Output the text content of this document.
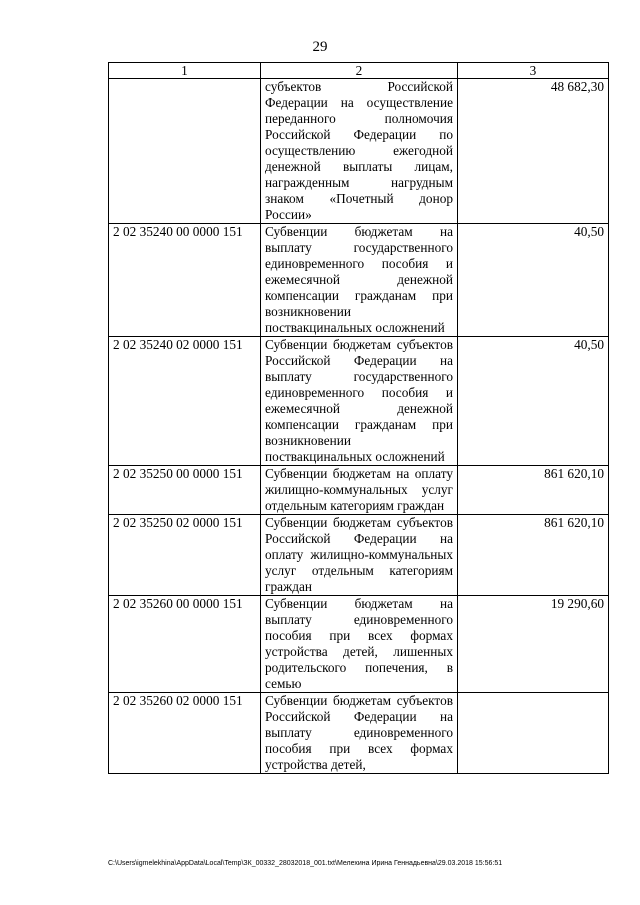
29
1	2	3
	субъектов Российской Федерации на осуществление переданного полномочия Российской Федерации по осуществлению ежегодной денежной выплаты лицам, награжденным нагрудным знаком «Почетный донор России»	48 682,30
2 02 35240 00 0000 151	Субвенции бюджетам на выплату государственного единовременного пособия и ежемесячной денежной компенсации гражданам при возникновении поствакцинальных осложнений	40,50
2 02 35240 02 0000 151	Субвенции бюджетам субъектов Российской Федерации на выплату государственного единовременного пособия и ежемесячной денежной компенсации гражданам при возникновении поствакцинальных осложнений	40,50
2 02 35250 00 0000 151	Субвенции бюджетам на оплату жилищно-коммунальных услуг отдельным категориям граждан	861 620,10
2 02 35250 02 0000 151	Субвенции бюджетам субъектов Российской Федерации на оплату жилищно-коммунальных услуг отдельным категориям граждан	861 620,10
2 02 35260 00 0000 151	Субвенции бюджетам на выплату единовременного пособия при всех формах устройства детей, лишенных родительского попечения, в семью	19 290,60
2 02 35260 02 0000 151	Субвенции бюджетам субъектов Российской Федерации на выплату единовременного пособия при всех формах устройства детей,	
C:\Users\igmelekhina\AppData\Local\Temp\ЗК_00332_28032018_001.txt\Мелехина Ирина Геннадьевна\29.03.2018 15:56:51
